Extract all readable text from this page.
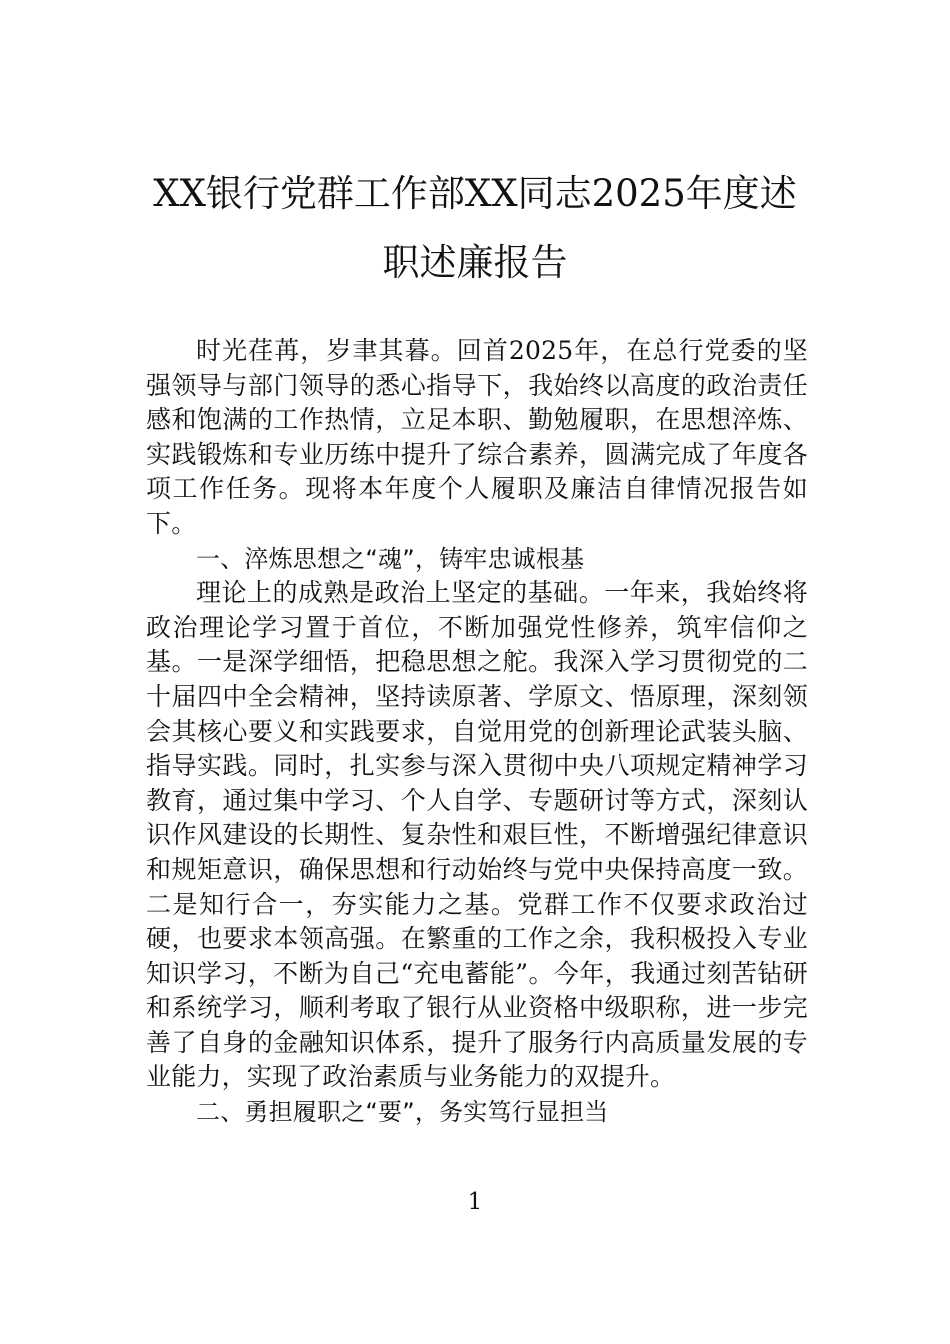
XX银行党群工作部XX同志2025年度述
职述廉报告

时光荏苒，岁聿其暮。回首2025年，在总行党委的坚强领导与部门领导的悉心指导下，我始终以高度的政治责任感和饱满的工作热情，立足本职、勤勉履职，在思想淬炼、实践锻炼和专业历练中提升了综合素养，圆满完成了年度各项工作任务。现将本年度个人履职及廉洁自律情况报告如下。

一、淬炼思想之“魂”，铸牢忠诚根基

理论上的成熟是政治上坚定的基础。一年来，我始终将政治理论学习置于首位，不断加强党性修养，筑牢信仰之基。一是深学细悟，把稳思想之舵。我深入学习贯彻党的二十届四中全会精神，坚持读原著、学原文、悟原理，深刻领会其核心要义和实践要求，自觉用党的创新理论武装头脑、指导实践。同时，扎实参与深入贯彻中央八项规定精神学习教育，通过集中学习、个人自学、专题研讨等方式，深刻认识作风建设的长期性、复杂性和艰巨性，不断增强纪律意识和规矩意识，确保思想和行动始终与党中央保持高度一致。二是知行合一，夯实能力之基。党群工作不仅要求政治过硬，也要求本领高强。在繁重的工作之余，我积极投入专业知识学习，不断为自己“充电蓄能”。今年，我通过刻苦钻研和系统学习，顺利考取了银行从业资格中级职称，进一步完善了自身的金融知识体系，提升了服务行内高质量发展的专业能力，实现了政治素质与业务能力的双提升。

二、勇担履职之“要”，务实笃行显担当
1
